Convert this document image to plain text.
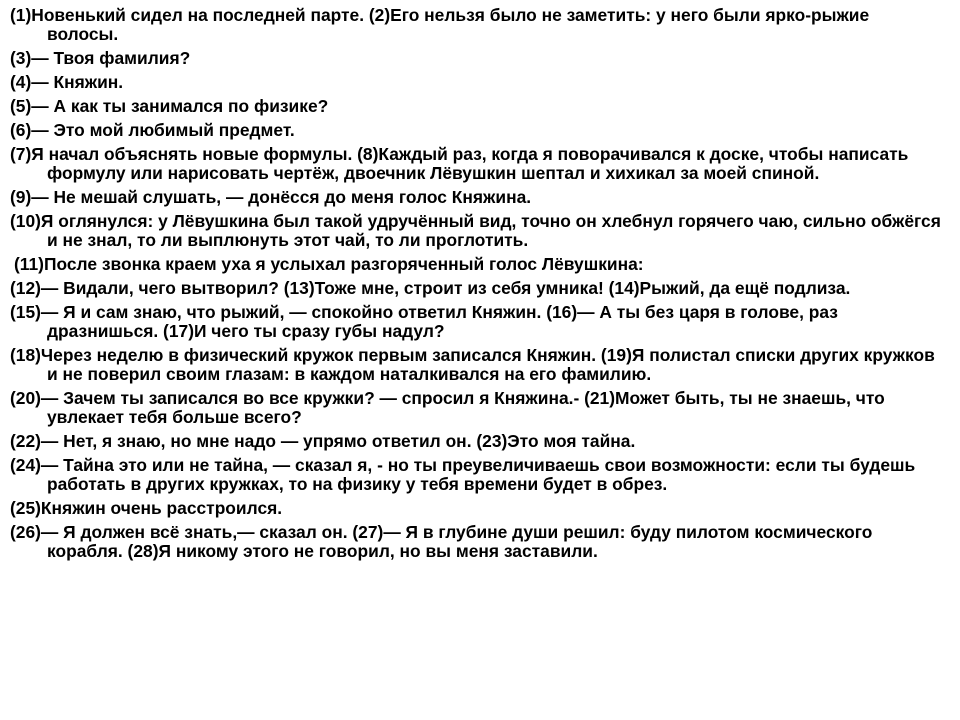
(1)Новенький сидел на последней парте. (2)Его нельзя было не заметить: у него были ярко-рыжие волосы.

(3)— Твоя фамилия?

(4)— Княжин.

(5)— А как ты занимался по физике?

(6)— Это мой любимый предмет.

(7)Я начал объяснять новые формулы. (8)Каждый раз, когда я поворачивался к доске, чтобы написать формулу или нарисовать чертёж, двоечник Лёвушкин шептал и хихикал за моей спиной.

(9)— Не мешай слушать, — донёсся до меня голос Княжина.

(10)Я оглянулся: у Лёвушкина был такой удручённый вид, точно он хлебнул горячего чаю, сильно обжёгся и не знал, то ли выплюнуть этот чай, то ли проглотить.

(11)После звонка краем уха я услыхал разгоряченный голос Лёвушкина:

(12)— Видали, чего вытворил? (13)Тоже мне, строит из себя умника! (14)Рыжий, да ещё подлиза.

(15)— Я и сам знаю, что рыжий, — спокойно ответил Княжин. (16)— А ты без царя в голове, раз дразнишься. (17)И чего ты сразу губы надул?

(18)Через неделю в физический кружок первым записался Княжин. (19)Я полистал списки других кружков и не поверил своим глазам: в каждом наталкивался на его фамилию.

(20)— Зачем ты записался во все кружки? — спросил я Княжина.- (21)Может быть, ты не знаешь, что увлекает тебя больше всего?

(22)— Нет, я знаю, но мне надо — упрямо ответил он. (23)Это моя тайна.

(24)— Тайна это или не тайна, — сказал я, - но ты преувеличиваешь свои возможности: если ты будешь работать в других кружках, то на физику у тебя времени будет в обрез.

(25)Княжин очень расстроился.

(26)— Я должен всё знать,— сказал он. (27)— Я в глубине души решил: буду пилотом космического корабля. (28)Я никому этого не говорил, но вы меня заставили.
